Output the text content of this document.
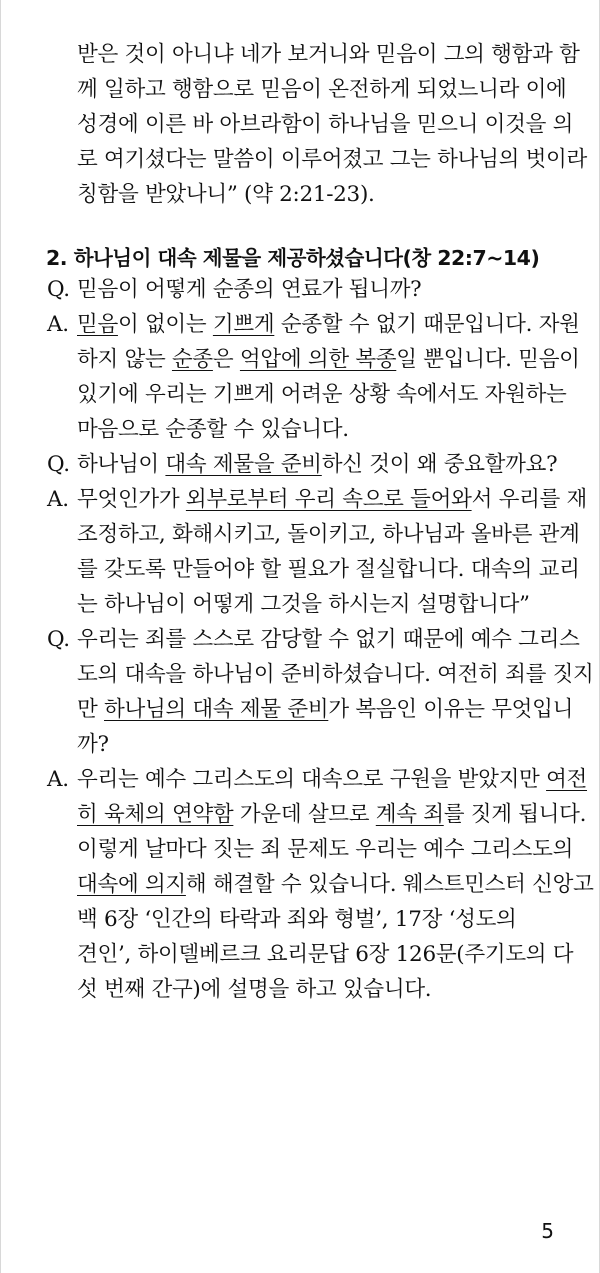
받은 것이 아니냐 네가 보거니와 믿음이 그의 행함과 함
께 일하고 행함으로 믿음이 온전하게 되었느니라 이에
성경에 이른 바 아브라함이 하나님을 믿으니 이것을 의
로 여기셨다는 말씀이 이루어졌고 그는 하나님의 벗이라
칭함을 받았나니” (약 2:21-23).
2. 하나님이 대속 제물을 제공하셨습니다(창 22:7~14)
Q. 믿음이 어떻게 순종의 연료가 됩니까?
A. 믿음이 없이는 기쁘게 순종할 수 없기 때문입니다. 자원
하지 않는 순종은 억압에 의한 복종일 뿐입니다. 믿음이
있기에 우리는 기쁘게 어려운 상황 속에서도 자원하는
마음으로 순종할 수 있습니다.
Q. 하나님이 대속 제물을 준비하신 것이 왜 중요할까요?
A. 무엇인가가 외부로부터 우리 속으로 들어와서 우리를 재
조정하고, 화해시키고, 돌이키고, 하나님과 올바른 관계
를 갖도록 만들어야 할 필요가 절실합니다. 대속의 교리
는 하나님이 어떻게 그것을 하시는지 설명합니다”
Q. 우리는 죄를 스스로 감당할 수 없기 때문에 예수 그리스
도의 대속을 하나님이 준비하셨습니다. 여전히 죄를 짓지
만 하나님의 대속 제물 준비가 복음인 이유는 무엇입니
까?
A. 우리는 예수 그리스도의 대속으로 구원을 받았지만 여전
히 육체의 연약함 가운데 살므로 계속 죄를 짓게 됩니다.
이렇게 날마다 짓는 죄 문제도 우리는 예수 그리스도의
대속에 의지해 해결할 수 있습니다. 웨스트민스터 신앙고
백 6장 ‘인간의 타락과 죄와 형벌’, 17장 ‘성도의
견인’, 하이델베르크 요리문답 6장 126문(주기도의 다
섯 번째 간구)에 설명을 하고 있습니다.
5
